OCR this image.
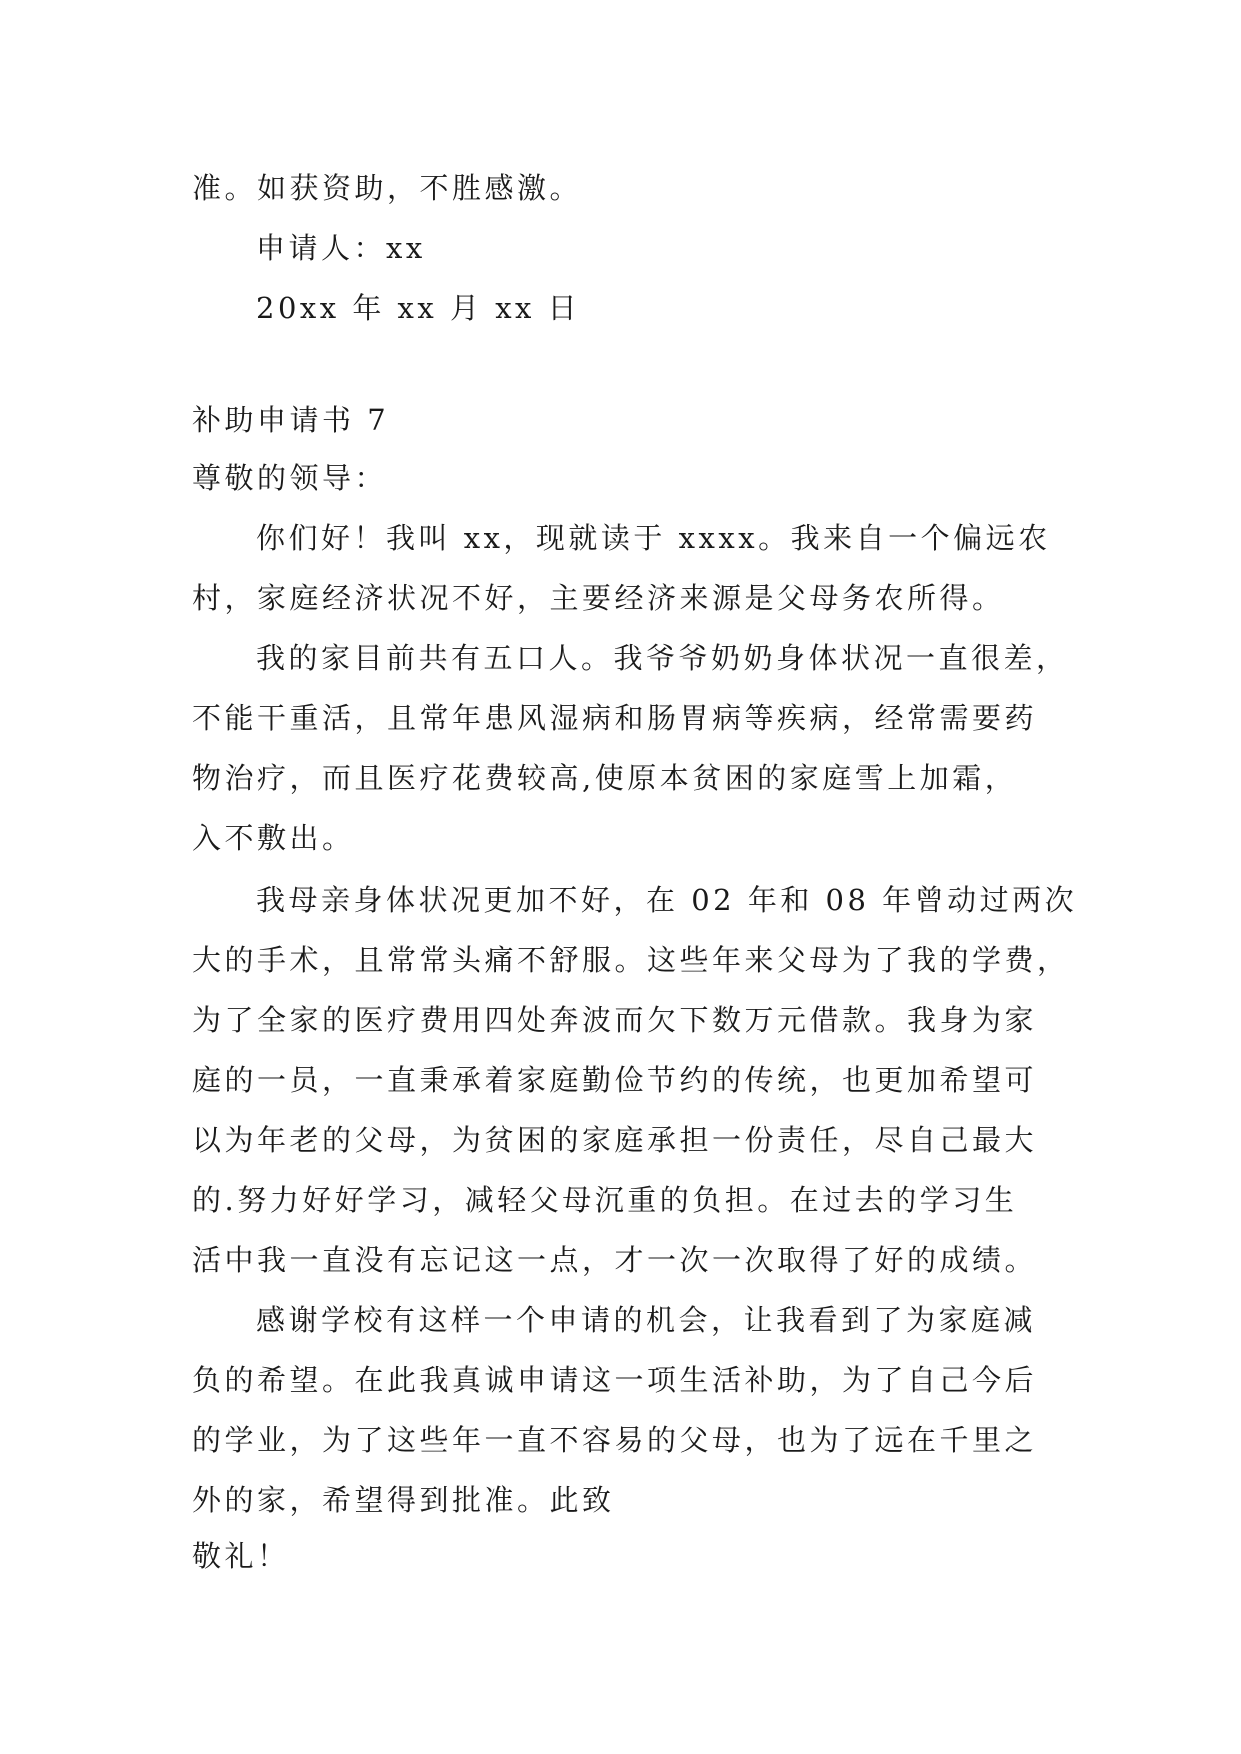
准。如获资助，不胜感激。
申请人：xx
20xx 年 xx 月 xx 日
补助申请书 7
尊敬的领导：
你们好！我叫 xx，现就读于 xxxx。我来自一个偏远农
村，家庭经济状况不好，主要经济来源是父母务农所得。
我的家目前共有五口人。我爷爷奶奶身体状况一直很差，
不能干重活，且常年患风湿病和肠胃病等疾病，经常需要药
物治疗，而且医疗花费较高,使原本贫困的家庭雪上加霜，
入不敷出。
我母亲身体状况更加不好，在 02 年和 08 年曾动过两次
大的手术，且常常头痛不舒服。这些年来父母为了我的学费，
为了全家的医疗费用四处奔波而欠下数万元借款。我身为家
庭的一员，一直秉承着家庭勤俭节约的传统，也更加希望可
以为年老的父母，为贫困的家庭承担一份责任，尽自己最大
的.努力好好学习，减轻父母沉重的负担。在过去的学习生
活中我一直没有忘记这一点，才一次一次取得了好的成绩。
感谢学校有这样一个申请的机会，让我看到了为家庭减
负的希望。在此我真诚申请这一项生活补助，为了自己今后
的学业，为了这些年一直不容易的父母，也为了远在千里之
外的家，希望得到批准。此致
敬礼！
